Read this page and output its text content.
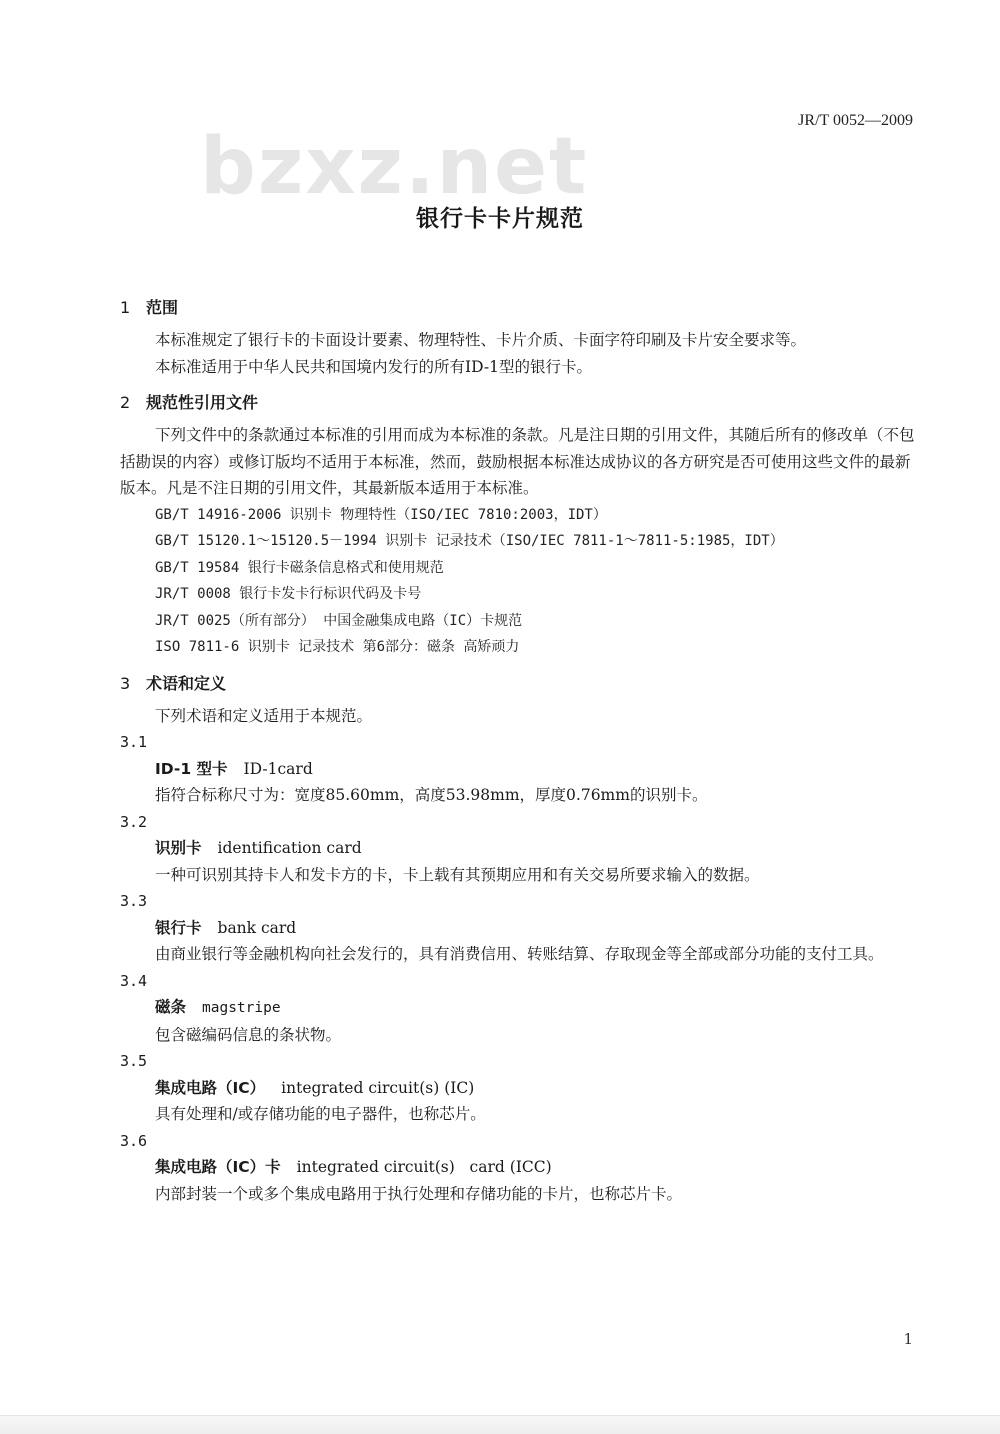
JR/T 0052—2009
bzxz.net
银行卡卡片规范
1 范围

本标准规定了银行卡的卡面设计要素、物理特性、卡片介质、卡面字符印刷及卡片安全要求等。

本标准适用于中华人民共和国境内发行的所有ID-1型的银行卡。

2 规范性引用文件

下列文件中的条款通过本标准的引用而成为本标准的条款。凡是注日期的引用文件，其随后所有的修改单（不包括勘误的内容）或修订版均不适用于本标准，然而，鼓励根据本标准达成协议的各方研究是否可使用这些文件的最新版本。凡是不注日期的引用文件，其最新版本适用于本标准。

GB/T 14916-2006 识别卡 物理特性（ISO/IEC 7810:2003，IDT）
GB/T 15120.1～15120.5－1994 识别卡 记录技术（ISO/IEC 7811-1～7811-5:1985，IDT）
GB/T 19584 银行卡磁条信息格式和使用规范
JR/T 0008 银行卡发卡行标识代码及卡号
JR/T 0025（所有部分） 中国金融集成电路（IC）卡规范
ISO 7811-6 识别卡 记录技术 第6部分：磁条 高矫顽力
3 术语和定义

下列术语和定义适用于本规范。

3.1

ID-1 型卡 ID-1card

指符合标称尺寸为：宽度85.60mm，高度53.98mm，厚度0.76mm的识别卡。

3.2

识别卡 identification card

一种可识别其持卡人和发卡方的卡，卡上载有其预期应用和有关交易所要求输入的数据。

3.3

银行卡 bank card

由商业银行等金融机构向社会发行的，具有消费信用、转账结算、存取现金等全部或部分功能的支付工具。

3.4

磁条 magstripe

包含磁编码信息的条状物。

3.5

集成电路（IC） integrated circuit(s) (IC)

具有处理和/或存储功能的电子器件，也称芯片。

3.6

集成电路（IC）卡 integrated circuit(s)   card (ICC)

内部封装一个或多个集成电路用于执行处理和存储功能的卡片，也称芯片卡。

1
